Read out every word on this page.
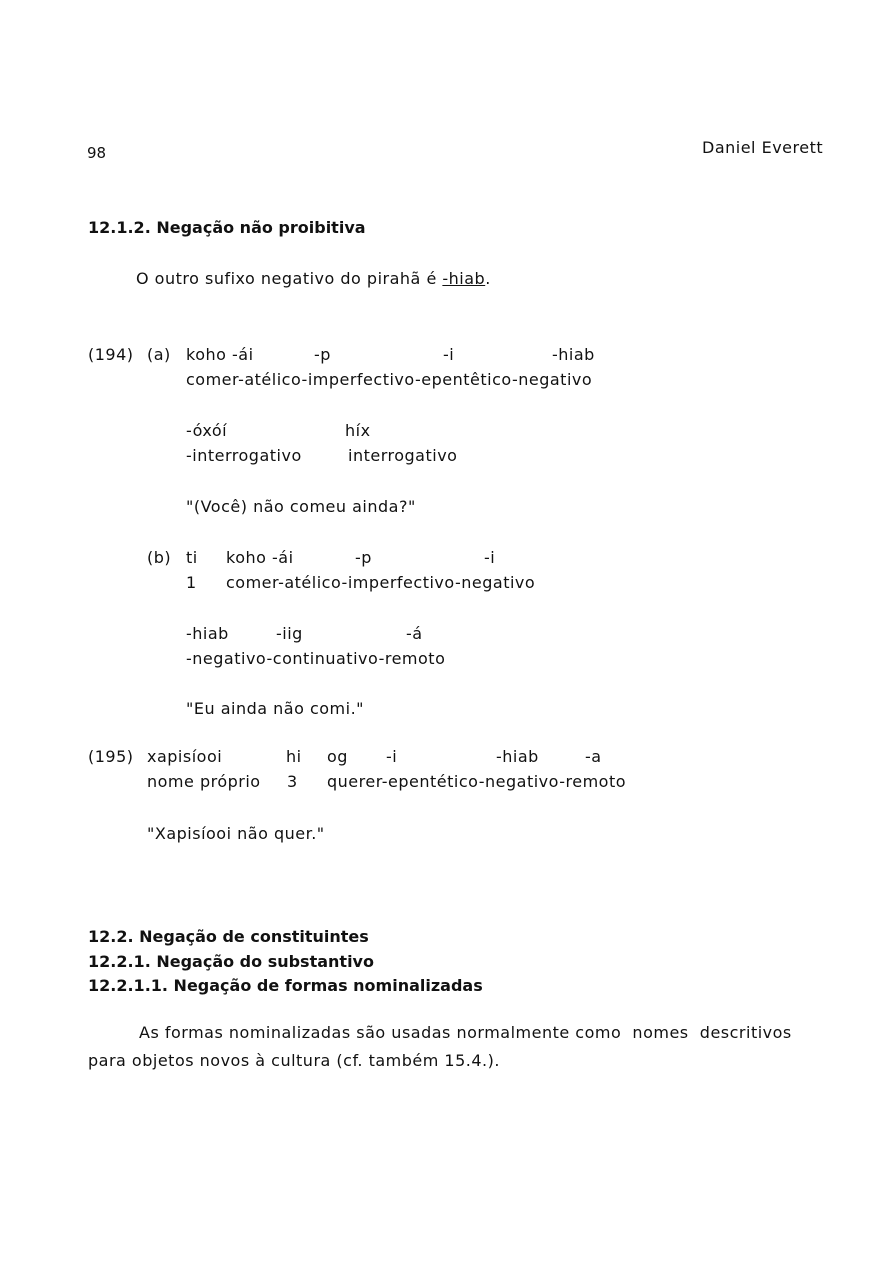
98	Daniel Everett
12.1.2. Negação não proibitiva
O outro sufixo negativo do pirahã é -hiab.
(194) (a) koho -ái	-p	-i	-hiab
comer-atélico-imperfectivo-epentêtico-negativo
-óxóí	híx
-interrogativo	interrogativo
"(Você) não comeu ainda?"
(b) ti koho -ái	-p	-i
1 comer-atélico-imperfectivo-negativo
-hiab	-iig	-á
-negativo-continuativo-remoto
"Eu ainda não comi."
(195) xapisíooi	hi og -i	-hiab	-a
nome próprio 3 querer-epentético-negativo-remoto
"Xapisíooi não quer."
12.2. Negação de constituintes
12.2.1. Negação do substantivo
12.2.1.1. Negação de formas nominalizadas
As formas nominalizadas são usadas normalmente como  nomes  descritivos
para objetos novos à cultura (cf. também 15.4.).
